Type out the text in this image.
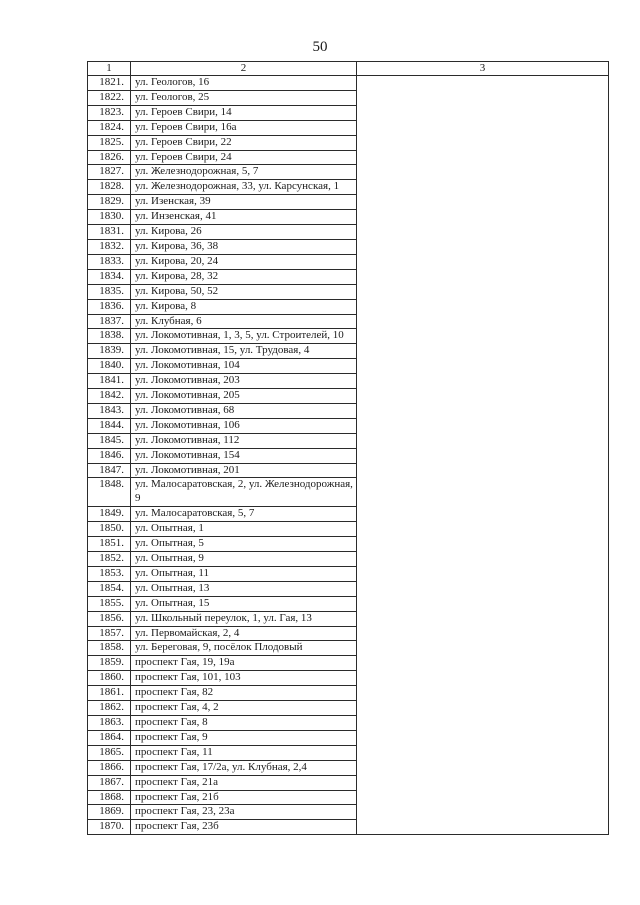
50
1	2	3
1821.	ул. Геологов, 16	
1822.	ул. Геологов, 25	
1823.	ул. Героев Свири, 14	
1824.	ул. Героев Свири, 16а	
1825.	ул. Героев Свири, 22	
1826.	ул. Героев Свири, 24	
1827.	ул. Железнодорожная, 5, 7	
1828.	ул. Железнодорожная, 33, ул. Карсунская, 1	
1829.	ул. Изенская, 39	
1830.	ул. Инзенская, 41	
1831.	ул. Кирова, 26	
1832.	ул. Кирова, 36, 38	
1833.	ул. Кирова, 20, 24	
1834.	ул. Кирова, 28, 32	
1835.	ул. Кирова, 50, 52	
1836.	ул. Кирова, 8	
1837.	ул. Клубная, 6	
1838.	ул. Локомотивная, 1, 3, 5, ул. Строителей, 10	
1839.	ул. Локомотивная, 15, ул. Трудовая, 4	
1840.	ул. Локомотивная, 104	
1841.	ул. Локомотивная, 203	
1842.	ул. Локомотивная, 205	
1843.	ул. Локомотивная, 68	
1844.	ул. Локомотивная, 106	
1845.	ул. Локомотивная, 112	
1846.	ул. Локомотивная, 154	
1847.	ул. Локомотивная, 201	
1848.	ул. Малосаратовская, 2, ул. Железнодорожная, 9	
1849.	ул. Малосаратовская, 5, 7	
1850.	ул. Опытная, 1	
1851.	ул. Опытная, 5	
1852.	ул. Опытная, 9	
1853.	ул. Опытная, 11	
1854.	ул. Опытная, 13	
1855.	ул. Опытная, 15	
1856.	ул. Школьный переулок, 1, ул. Гая, 13	
1857.	ул. Первомайская, 2, 4	
1858.	ул. Береговая, 9, посёлок Плодовый	
1859.	проспект Гая, 19, 19а	
1860.	проспект Гая, 101, 103	
1861.	проспект Гая, 82	
1862.	проспект Гая, 4, 2	
1863.	проспект Гая, 8	
1864.	проспект Гая, 9	
1865.	проспект Гая, 11	
1866.	проспект Гая, 17/2а, ул. Клубная, 2,4	
1867.	проспект Гая, 21а	
1868.	проспект Гая, 21б	
1869.	проспект Гая, 23, 23а	
1870.	проспект Гая, 23б	
